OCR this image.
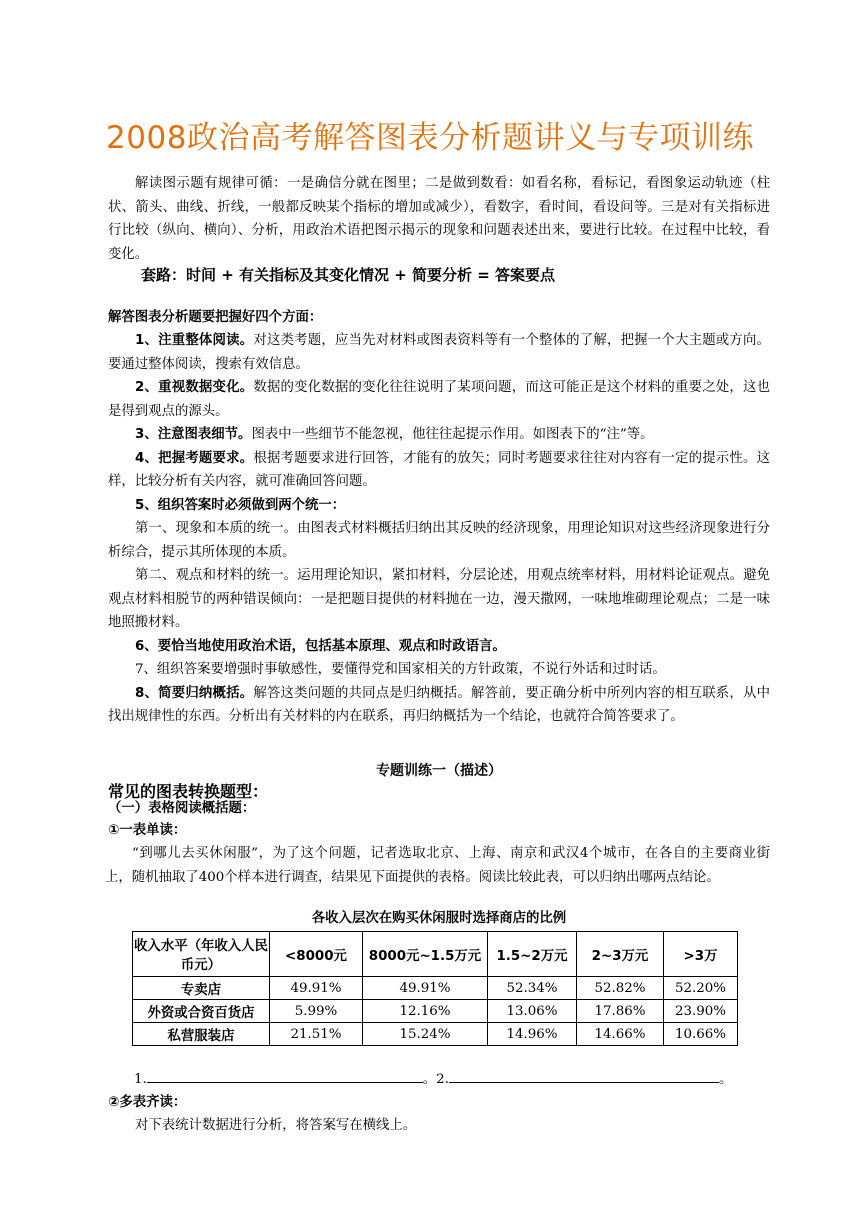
2008政治高考解答图表分析题讲义与专项训练
解读图示题有规律可循：一是确信分就在图里；二是做到数看：如看名称，看标记，看图象运动轨迹（柱状、箭头、曲线、折线，一般都反映某个指标的增加或减少），看数字，看时间，看设问等。三是对有关指标进行比较（纵向、横向）、分析，用政治术语把图示揭示的现象和问题表述出来，要进行比较。在过程中比较，看变化。
套路：时间 + 有关指标及其变化情况 + 简要分析 = 答案要点
解答图表分析题要把握好四个方面：
1、注重整体阅读。对这类考题，应当先对材料或图表资料等有一个整体的了解，把握一个大主题或方向。要通过整体阅读，搜索有效信息。
2、重视数据变化。数据的变化数据的变化往往说明了某项问题，而这可能正是这个材料的重要之处，这也是得到观点的源头。
3、注意图表细节。图表中一些细节不能忽视，他往往起提示作用。如图表下的“注”等。
4、把握考题要求。根据考题要求进行回答，才能有的放矢；同时考题要求往往对内容有一定的提示性。这样，比较分析有关内容，就可准确回答问题。
5、组织答案时必须做到两个统一：
第一、现象和本质的统一。由图表式材料概括归纳出其反映的经济现象，用理论知识对这些经济现象进行分析综合，提示其所体现的本质。
第二、观点和材料的统一。运用理论知识，紧扣材料，分层论述，用观点统率材料，用材料论证观点。避免观点材料相脱节的两种错误倾向：一是把题目提供的材料抛在一边，漫天撒网，一味地堆砌理论观点；二是一味地照搬材料。
6、要恰当地使用政治术语，包括基本原理、观点和时政语言。
7、组织答案要增强时事敏感性，要懂得党和国家相关的方针政策，不说行外话和过时话。
8、简要归纳概括。解答这类问题的共同点是归纳概括。解答前，要正确分析中所列内容的相互联系，从中找出规律性的东西。分析出有关材料的内在联系，再归纳概括为一个结论，也就符合简答要求了。
专题训练一（描述）
常见的图表转换题型：
（一）表格阅读概括题：
①一表单读：
“到哪儿去买休闲服”，为了这个问题，记者选取北京、上海、南京和武汉4个城市，在各自的主要商业街上，随机抽取了400个样本进行调查，结果见下面提供的表格。阅读比较此表，可以归纳出哪两点结论。
各收入层次在购买休闲服时选择商店的比例
收入水平（年收入人民币元）	<8000元	8000元~1.5万元	1.5~2万元	2~3万元	>3万
专卖店	49.91%	49.91%	52.34%	52.82%	52.20%
外资或合资百货店	5.99%	12.16%	13.06%	17.86%	23.90%
私营服装店	21.51%	15.24%	14.96%	14.66%	10.66%
1.	。2.	。
②多表齐读：
对下表统计数据进行分析，将答案写在横线上。
